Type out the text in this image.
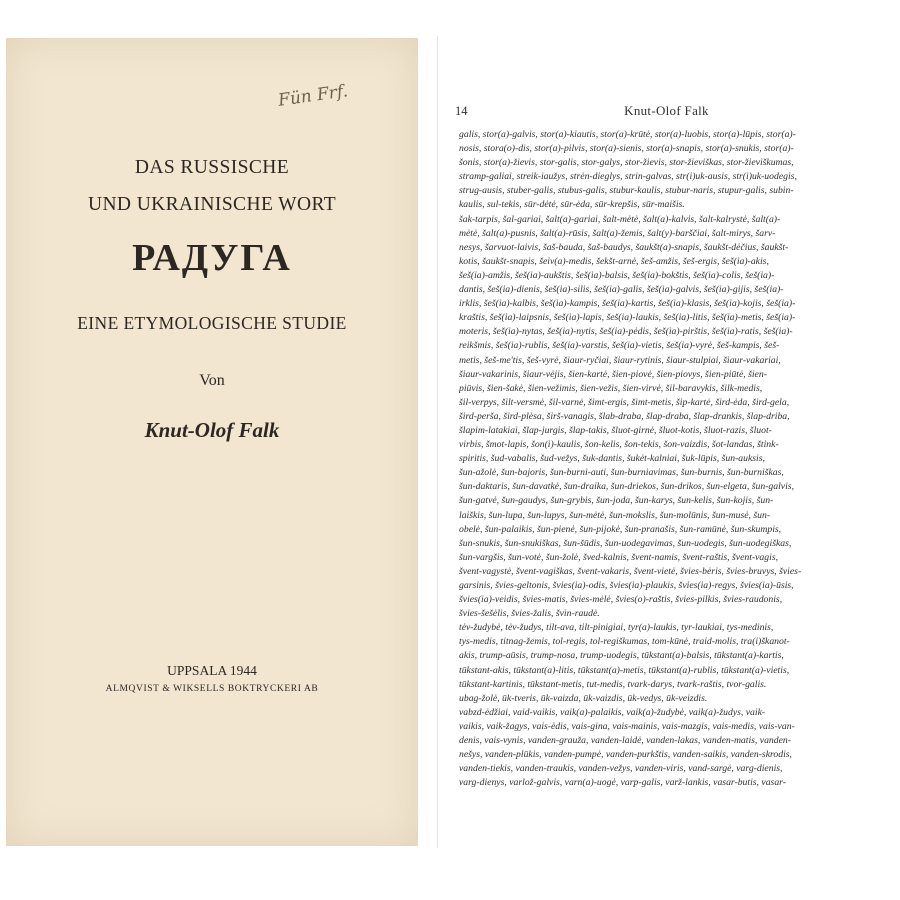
Fün Frf.
DAS RUSSISCHE
UND UKRAINISCHE WORT
РАДУГА
EINE ETYMOLOGISCHE STUDIE
Von
Knut-Olof Falk
UPPSALA 1944
ALMQVIST & WIKSELLS BOKTRYCKERI AB
14	Knut-Olof Falk
galis, stor(a)-galvis, stor(a)-kiautis, stor(a)-krūtė, stor(a)-luobis, stor(a)-lūpis, stor(a)-
nosis, stora(o)-dis, stor(a)-pilvis, stor(a)-sienis, stor(a)-snapis, stor(a)-snukis, stor(a)-
šonis, stor(a)-žievis, stor-galis, stor-galys, stor-žievis, stor-žieviškas, stor-žieviškumas,
stramp-galiai, streik-iaužys, strėn-dieglys, strin-galvas, str(i)uk-ausis, str(i)uk-uodegis,
strug-ausis, stuber-galis, stubus-galis, stubur-kaulis, stubur-naris, stupur-galis, subin-
kaulis, sul-tekis, sūr-dėtė, sūr-ėda, sūr-krepšis, sūr-maišis.
šak-tarpis, šal-gariai, šalt(a)-gariai, šalt-mėtė, šalt(a)-kalvis, šalt-kalrystė, šalt(a)-
mėtė, šalt(a)-pusnis, šalt(a)-rūsis, šalt(a)-žemis, šalt(y)-barščiai, šalt-mirys, šarv-
nesys, šarvuot-laivis, šaš-bauda, šaš-baudys, šaukšt(a)-snapis, šaukšt-dėčius, šaukšt-
kotis, šaukšt-snapis, šeiv(a)-medis, šekšt-arnė, šeš-amžis, šeš-ergis, šeš(ia)-akis,
šeš(ia)-amžis, šeš(ia)-aukštis, šeš(ia)-balsis, šeš(ia)-bokštis, šeš(ia)-colis, šeš(ia)-
dantis, šeš(ia)-dienis, šeš(ia)-silis, šeš(ia)-galis, šeš(ia)-galvis, šeš(ia)-gijis, šeš(ia)-
irklis, šeš(ia)-kalbis, šeš(ia)-kampis, šeš(ia)-kartis, šeš(ia)-klasis, šeš(ia)-kojis, šeš(ia)-
kraštis, šeš(ia)-laipsnis, šeš(ia)-lapis, šeš(ia)-laukis, šeš(ia)-litis, šeš(ia)-metis, šeš(ia)-
moteris, šeš(ia)-nytas, šeš(ia)-nytis, šeš(ia)-pėdis, šeš(ia)-pirštis, šeš(ia)-ratis, šeš(ia)-
reikšmis, šeš(ia)-rublis, šeš(ia)-varstis, šeš(ia)-vietis, šeš(ia)-vyrė, šeš-kampis, šeš-
metis, šeš-me'tis, šeš-vyrė, šiaur-ryčiai, šiaur-rytinis, šiaur-stulpiai, šiaur-vakariai,
šiaur-vakarinis, šiaur-vėjis, šien-kartė, šien-piovė, šien-piovys, šien-piūtė, šien-
piūvis, šien-šakė, šien-vežimis, šien-vežis, šien-virvė, šil-baravykis, šilk-medis,
šil-verpys, šilt-versmė, šil-varnė, šimt-ergis, šimt-metis, šip-kartė, šird-ėda, šird-gela,
šird-perša, šird-plėsa, širš-vanagis, šlab-draba, šlap-draba, šlap-drankis, šlap-driba,
šlapim-latakiai, šlap-jurgis, šlap-takis, šluot-girnė, šluot-kotis, šluot-razis, šluot-
virbis, šmot-lapis, šon(i)-kaulis, šon-kelis, šon-tekis, šon-vaizdis, šot-landas, štink-
spiritis, šud-vabalis, šud-vežys, šuk-dantis, šukėt-kalniai, šuk-lūpis, šun-auksis,
šun-ažolė, šun-bajoris, šun-burni-auti, šun-burniavimas, šun-burnis, šun-burniškas,
šun-daktaris, šun-davatkė, šun-draika, šun-driekos, šun-drikos, šun-elgeta, šun-galvis,
šun-gatvė, šun-gaudys, šun-grybis, šun-joda, šun-karys, šun-kelis, šun-kojis, šun-
laiškis, šun-lupa, šun-lupys, šun-mėtė, šun-mokslis, šun-molūnis, šun-musė, šun-
obelė, šun-palaikis, šun-pienė, šun-pijokė, šun-pranašis, šun-ramūnė, šun-skumpis,
šun-snukis, šun-snukiškas, šun-šūdis, šun-uodegavimas, šun-uodegis, šun-uodegiškas,
šun-vargšis, šun-votė, šun-žolė, šved-kalnis, švent-namis, švent-raštis, švent-vagis,
švent-vagystė, švent-vagiškas, švent-vakaris, švent-vietė, švies-bėris, švies-bruvys, švies-
garsinis, švies-geltonis, švies(ia)-odis, švies(ia)-plaukis, švies(ia)-regys, švies(ia)-ūsis,
švies(ia)-veidis, švies-matis, švies-mėlė, švies(o)-raštis, švies-pilkis, švies-raudonis,
švies-šešėlis, švies-žalis, švin-raudė.
tėv-žudybė, tėv-žudys, tilt-ava, tilt-pinigiai, tyr(a)-laukis, tyr-laukiai, tys-medinis,
tys-medis, titnag-žemis, tol-regis, tol-regiškumas, tom-kūnė, traid-molis, tra(i)škanot-
akis, trump-aūsis, trump-nosa, trump-uodegis, tūkstant(a)-balsis, tūkstant(a)-kartis,
tūkstant-akis, tūkstant(a)-litis, tūkstant(a)-metis, tūkstant(a)-rublis, tūkstant(a)-vietis,
tūkstant-kartinis, tūkstant-metis, tut-medis, tvark-darys, tvark-raštis, tvor-galis.
ubag-žolė, ūk-tveris, ūk-vaizda, ūk-vaizdis, ūk-vedys, ūk-veizdis.
vabzd-ėdžiai, vaid-vaikis, vaik(a)-palaikis, vaik(a)-žudybė, vaik(a)-žudys, vaik-
vaikis, vaik-žagys, vais-ėdis, vais-gina, vais-mainis, vais-mazgis, vais-medis, vais-van-
denis, vais-vynis, vanden-grauža, vanden-laidė, vanden-lakas, vanden-matis, vanden-
nešys, vanden-plūkis, vanden-pumpė, vanden-purkštis, vanden-saikis, vanden-skrodis,
vanden-tiekis, vanden-traukis, vanden-vežys, vanden-viris, vand-sargė, varg-dienis,
varg-dienys, varlož-galvis, varn(a)-uogė, varp-galis, varž-lankis, vasar-butis, vasar-
